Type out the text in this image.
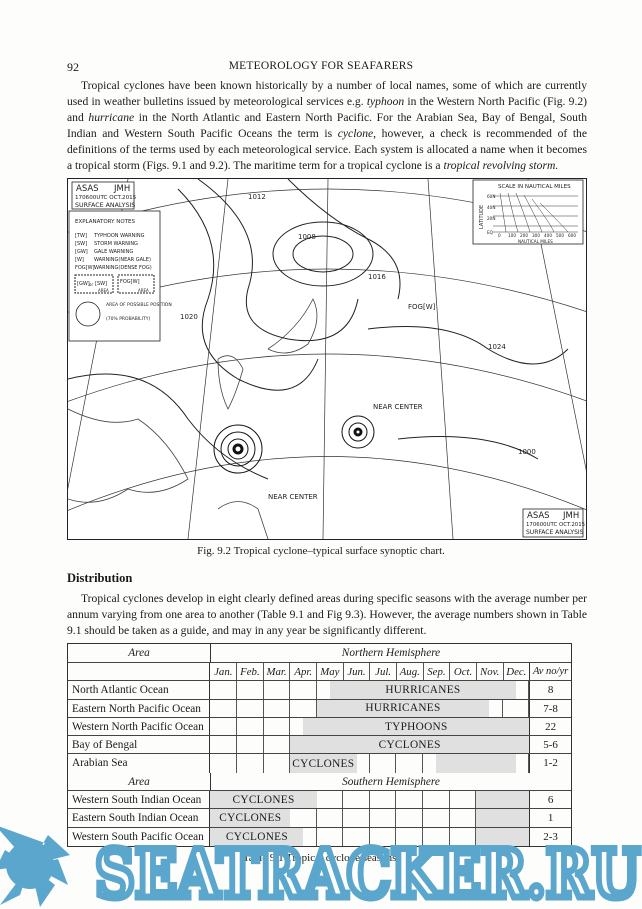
92	METEOROLOGY FOR SEAFARERS
Tropical cyclones have been known historically by a number of local names, some of which are currently used in weather bulletins issued by meteorological services e.g. typhoon in the Western North Pacific (Fig. 9.2) and hurricane in the North Atlantic and Eastern North Pacific. For the Arabian Sea, Bay of Bengal, South Indian and Western South Pacific Oceans the term is cyclone, however, a check is recommended of the definitions of the terms used by each meteorological service. Each system is allocated a name when it becomes a tropical storm (Figs. 9.1 and 9.2). The maritime term for a tropical cyclone is a tropical revolving storm.
1020
1012
1008
1016
1024
1000
FOG[W]
NEAR CENTER
NEAR CENTER
ASAS JMH
170600UTC OCT.2015
SURFACE ANALYSIS
EXPLANATORY NOTES
[TW] TYPHOON WARNING
[SW] STORM WARNING
[GW] GALE WARNING
[W] WARNING(NEAR GALE)
FOG[W] WARNING(DENSE FOG)
[GW] or [SW]
AREA
FOG[W]
AREA
AREA OF POSSIBLE POSITION
(70% PROBABILITY)
SCALE IN NAUTICAL MILES
LATITUDE
60N
40N
20N
EQ
0 100 200 300 400 500 600
NAUTICAL MILES
ASAS JMH
170600UTC OCT.2015
SURFACE ANALYSIS
Fig. 9.2 Tropical cyclone–typical surface synoptic chart.
Distribution
Tropical cyclones develop in eight clearly defined areas during specific seasons with the average number per annum varying from one area to another (Table 9.1 and Fig 9.3). However, the average numbers shown in Table 9.1 should be taken as a guide, and may in any year be significantly different.
Area	Northern Hemisphere
Jan. Feb. Mar. Apr. May Jun. Jul. Aug. Sep. Oct. Nov. Dec. Av no/yr
North Atlantic Ocean	HURRICANES	8
Eastern North Pacific Ocean	HURRICANES	7-8
Western North Pacific Ocean	TYPHOONS	22
Bay of Bengal	CYCLONES	5-6
Arabian Sea	CYCLONES	1-2
Area	Southern Hemisphere
Western South Indian Ocean	CYCLONES	6
Eastern South Indian Ocean	CYCLONES	1
Western South Pacific Ocean	CYCLONES	2-3
Table 9.1 Tropical cyclone seasons.
SEATRACKER.RU
